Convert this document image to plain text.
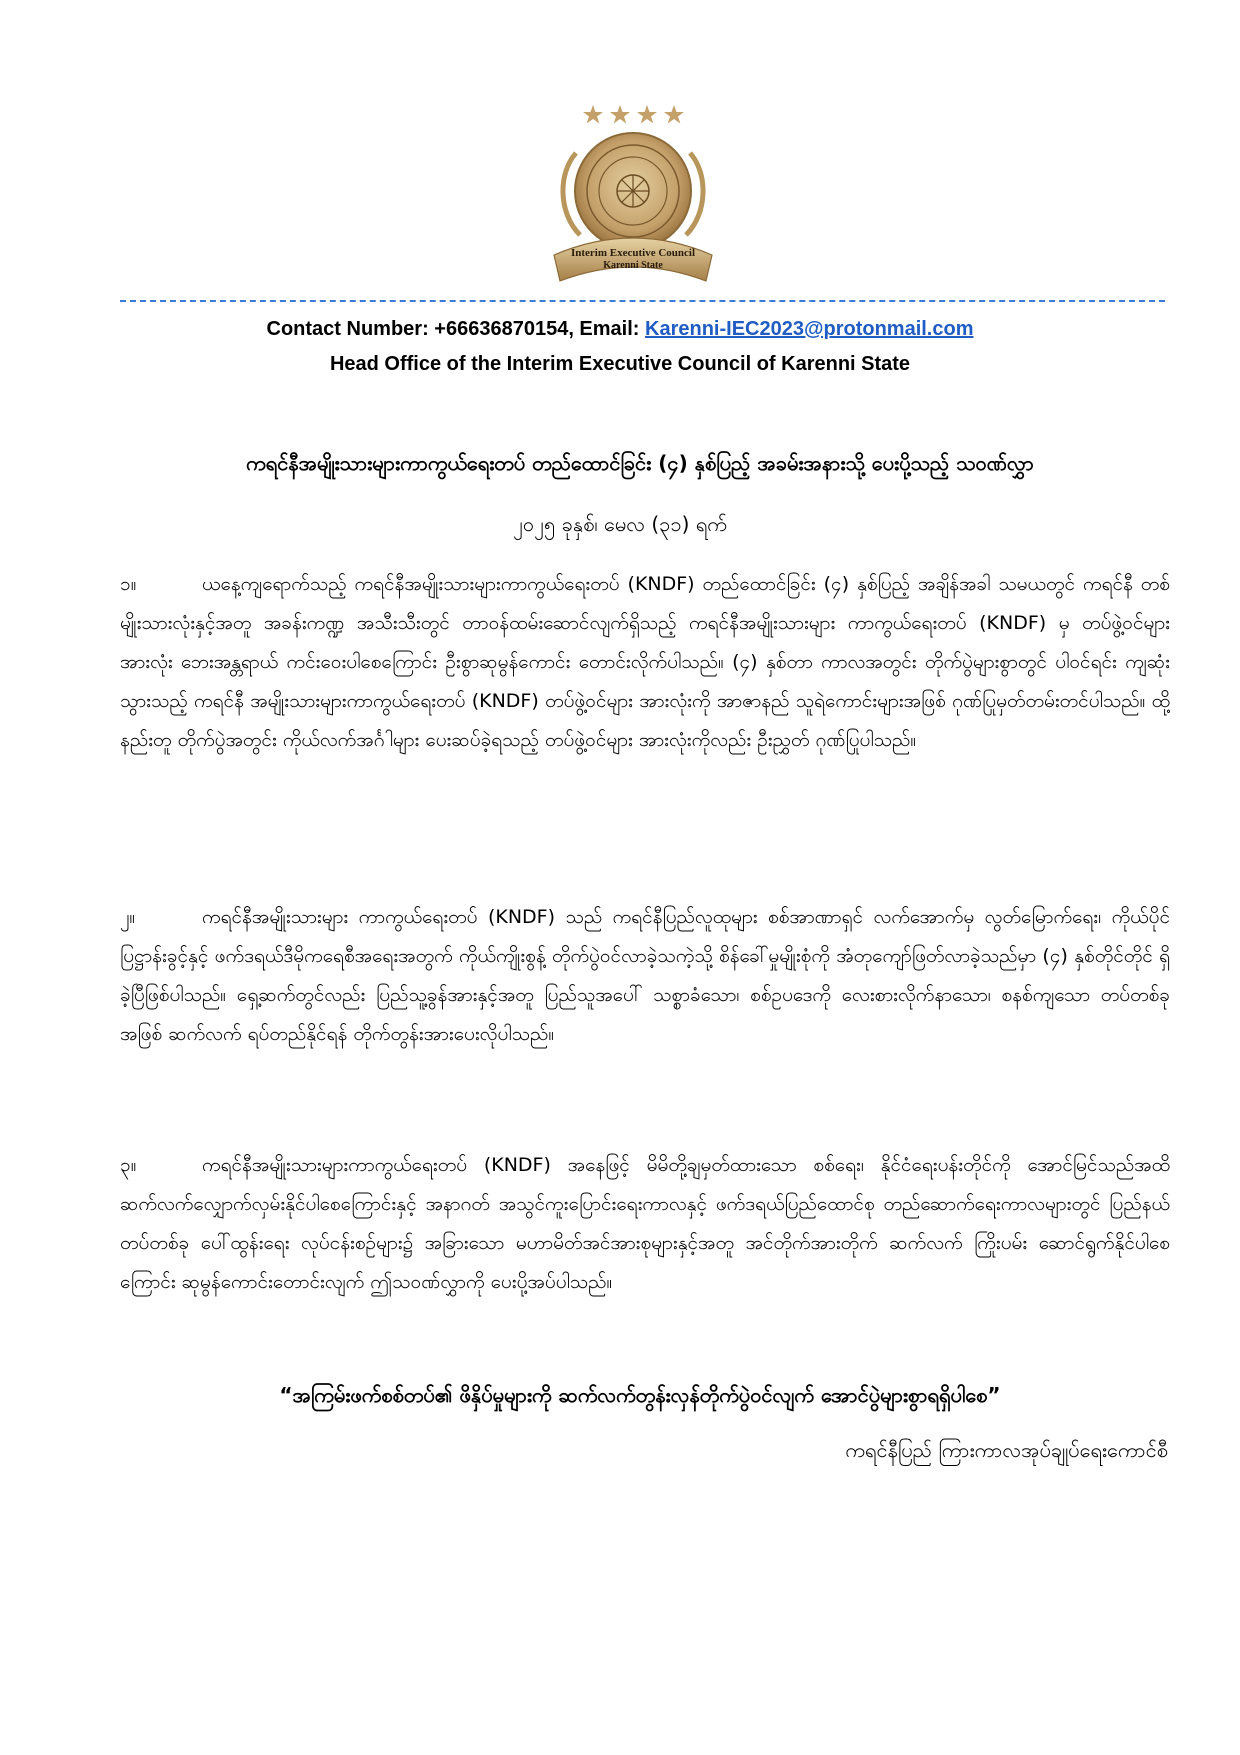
Interim Executive Council
Karenni State
Contact Number: +66636870154, Email: Karenni-IEC2023@protonmail.com
Head Office of the Interim Executive Council of Karenni State
ကရင်နီအမျိုးသားများကာကွယ်ရေးတပ် တည်ထောင်ခြင်း (၄) နှစ်ပြည့် အခမ်းအနားသို့ ပေးပို့သည့် သဝဏ်လွှာ
၂၀၂၅ ခုနှစ်၊ မေလ (၃၁) ရက်

၁။	ယနေ့ကျရောက်သည့် ကရင်နီအမျိုးသားများကာကွယ်ရေးတပ် (KNDF) တည်ထောင်ခြင်း (၄) နှစ်ပြည့် အချိန်အခါ သမယတွင် ကရင်နီ တစ်မျိုးသားလုံးနှင့်အတူ အခန်းကဏ္ဍ အသီးသီးတွင် တာဝန်ထမ်းဆောင်လျက်ရှိသည့် ကရင်နီအမျိုးသားများ ကာကွယ်ရေးတပ် (KNDF) မှ တပ်ဖွဲ့ဝင်များ အားလုံး ဘေးအန္တရာယ် ကင်းဝေးပါစေကြောင်း ဦးစွာဆုမွန်ကောင်း တောင်းလိုက်ပါသည်။ (၄) နှစ်တာ ကာလအတွင်း တိုက်ပွဲများစွာတွင် ပါဝင်ရင်း ကျဆုံးသွားသည့် ကရင်နီ အမျိုးသားများကာကွယ်ရေးတပ် (KNDF) တပ်ဖွဲ့ဝင်များ အားလုံးကို အာဇာနည် သူရဲကောင်းများအဖြစ် ဂုဏ်ပြုမှတ်တမ်းတင်ပါသည်။ ထို့နည်းတူ တိုက်ပွဲအတွင်း ကိုယ်လက်အင်္ဂါများ ပေးဆပ်ခဲ့ရသည့် တပ်ဖွဲ့ဝင်များ အားလုံးကိုလည်း ဦးညွှတ် ဂုဏ်ပြုပါသည်။

၂။	ကရင်နီအမျိုးသားများ ကာကွယ်ရေးတပ် (KNDF) သည် ကရင်နီပြည်လူထုများ စစ်အာဏာရှင် လက်အောက်မှ လွတ်မြောက်ရေး၊ ကိုယ်ပိုင်ပြဋ္ဌာန်းခွင့်နှင့် ဖက်ဒရယ်ဒီမိုကရေစီအရေးအတွက် ကိုယ်ကျိုးစွန့် တိုက်ပွဲဝင်လာခဲ့သကဲ့သို့ စိန်ခေါ်မှုမျိုးစုံကို အံတုကျော်ဖြတ်လာခဲ့သည်မှာ (၄) နှစ်တိုင်တိုင် ရှိခဲ့ပြီဖြစ်ပါသည်။ ရှေ့ဆက်တွင်လည်း ပြည်သူ့ခွန်အားနှင့်အတူ ပြည်သူအပေါ် သစ္စာခံသော၊ စစ်ဥပဒေကို လေးစားလိုက်နာသော၊ စနစ်ကျသော တပ်တစ်ခုအဖြစ် ဆက်လက် ရပ်တည်နိုင်ရန် တိုက်တွန်းအားပေးလိုပါသည်။

၃။	ကရင်နီအမျိုးသားများကာကွယ်ရေးတပ် (KNDF) အနေဖြင့် မိမိတို့ချမှတ်ထားသော စစ်ရေး၊ နိုင်ငံရေးပန်းတိုင်ကို အောင်မြင်သည်အထိ ဆက်လက်လျှောက်လှမ်းနိုင်ပါစေကြောင်းနှင့် အနာဂတ် အသွင်ကူးပြောင်းရေးကာလနှင့် ဖက်ဒရယ်ပြည်ထောင်စု တည်ဆောက်ရေးကာလများတွင် ပြည်နယ် တပ်တစ်ခု ပေါ်ထွန်းရေး လုပ်ငန်းစဉ်များ၌ အခြားသော မဟာမိတ်အင်အားစုများနှင့်အတူ အင်တိုက်အားတိုက် ဆက်လက် ကြိုးပမ်း ဆောင်ရွက်နိုင်ပါစေကြောင်း ဆုမွန်ကောင်းတောင်းလျက် ဤသဝဏ်လွှာကို ပေးပို့အပ်ပါသည်။

“အကြမ်းဖက်စစ်တပ်၏ ဖိနှိပ်မှုများကို ဆက်လက်တွန်းလှန်တိုက်ပွဲဝင်လျက် အောင်ပွဲများစွာရရှိပါစေ”
ကရင်နီပြည် ကြားကာလအုပ်ချုပ်ရေးကောင်စီ
